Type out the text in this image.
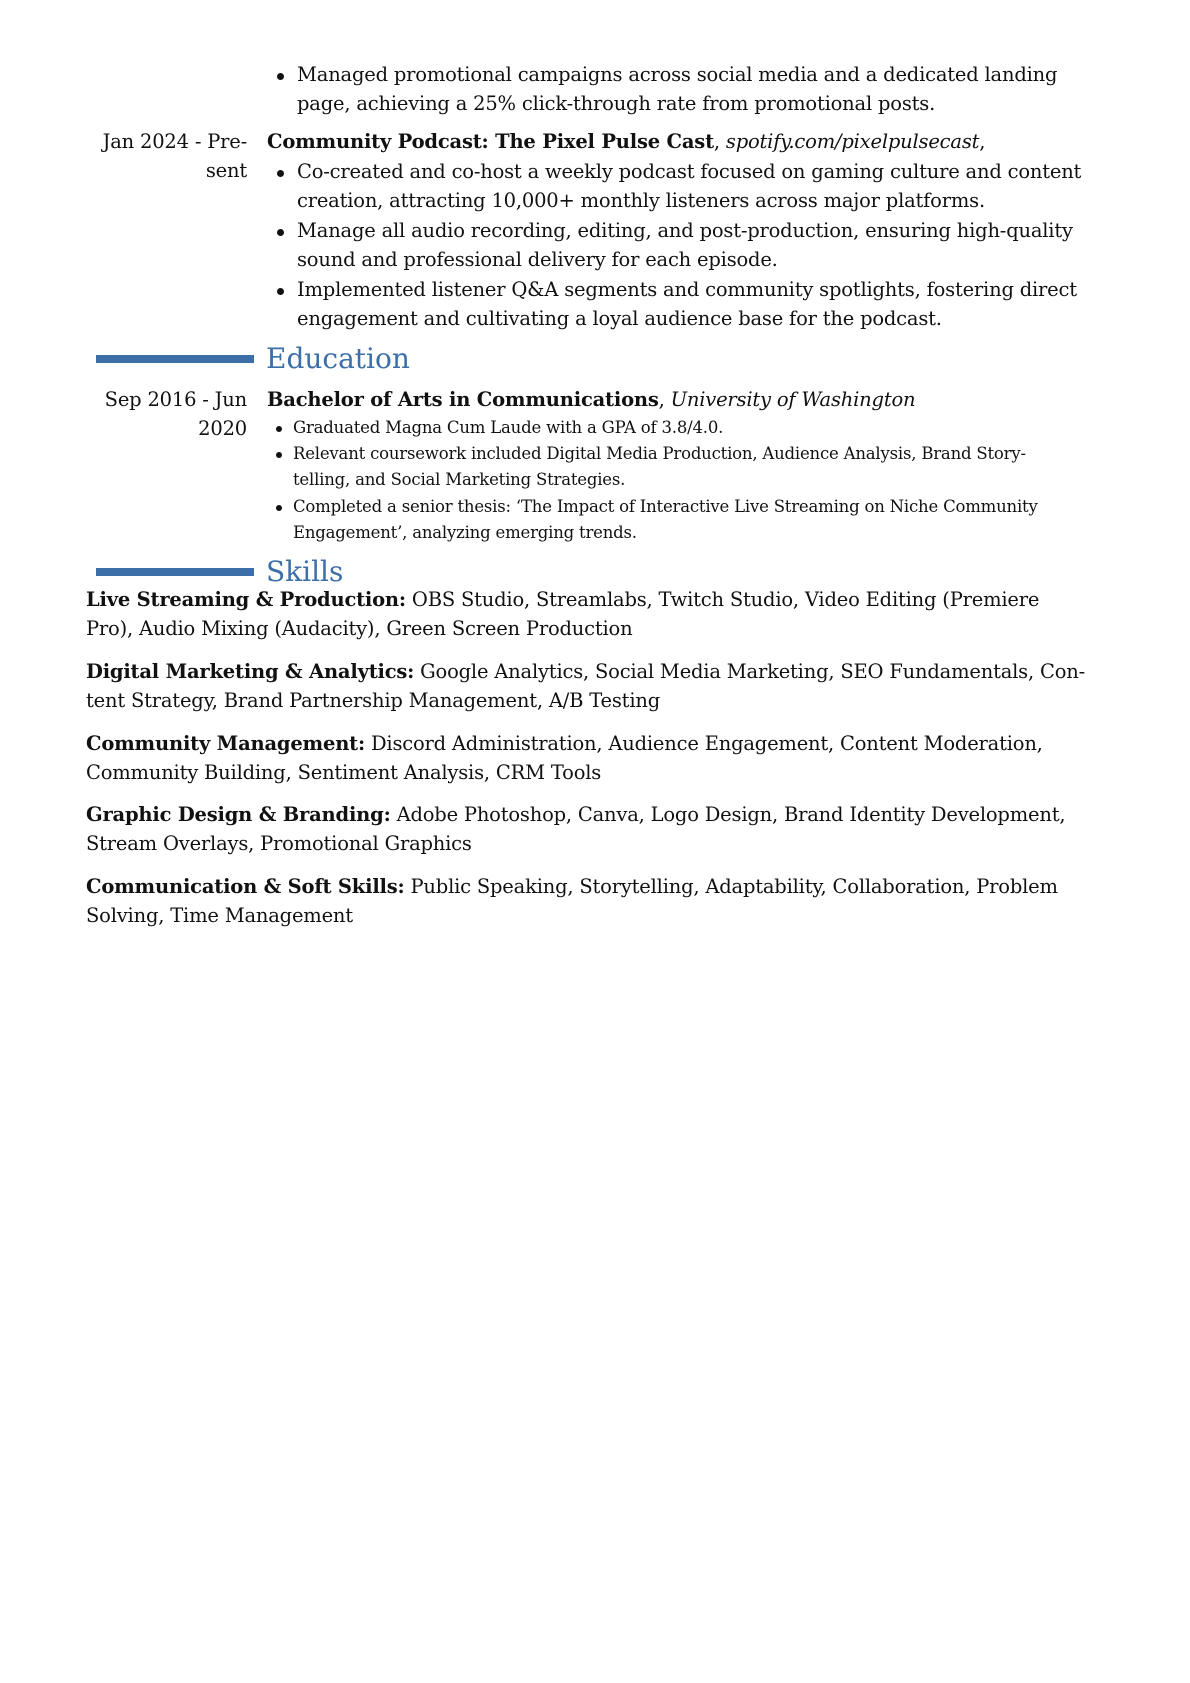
Managed promotional campaigns across social media and a dedicated landing
page, achieving a 25% click-through rate from promotional posts.
Jan 2024 - Pre-
sent
Community Podcast: The Pixel Pulse Cast, spotify.com/pixelpulsecast,
Co-created and co-host a weekly podcast focused on gaming culture and content
creation, attracting 10,000+ monthly listeners across major platforms.
Manage all audio recording, editing, and post-production, ensuring high-quality
sound and professional delivery for each episode.
Implemented listener Q&A segments and community spotlights, fostering direct
engagement and cultivating a loyal audience base for the podcast.
Education
Sep 2016 - Jun
2020
Bachelor of Arts in Communications, University of Washington
Graduated Magna Cum Laude with a GPA of 3.8/4.0.
Relevant coursework included Digital Media Production, Audience Analysis, Brand Story-
telling, and Social Marketing Strategies.
Completed a senior thesis: ‘The Impact of Interactive Live Streaming on Niche Community
Engagement’, analyzing emerging trends.
Skills
Live Streaming & Production: OBS Studio, Streamlabs, Twitch Studio, Video Editing (Premiere
Pro), Audio Mixing (Audacity), Green Screen Production
Digital Marketing & Analytics: Google Analytics, Social Media Marketing, SEO Fundamentals, Con-
tent Strategy, Brand Partnership Management, A/B Testing
Community Management: Discord Administration, Audience Engagement, Content Moderation,
Community Building, Sentiment Analysis, CRM Tools
Graphic Design & Branding: Adobe Photoshop, Canva, Logo Design, Brand Identity Development,
Stream Overlays, Promotional Graphics
Communication & Soft Skills: Public Speaking, Storytelling, Adaptability, Collaboration, Problem
Solving, Time Management
